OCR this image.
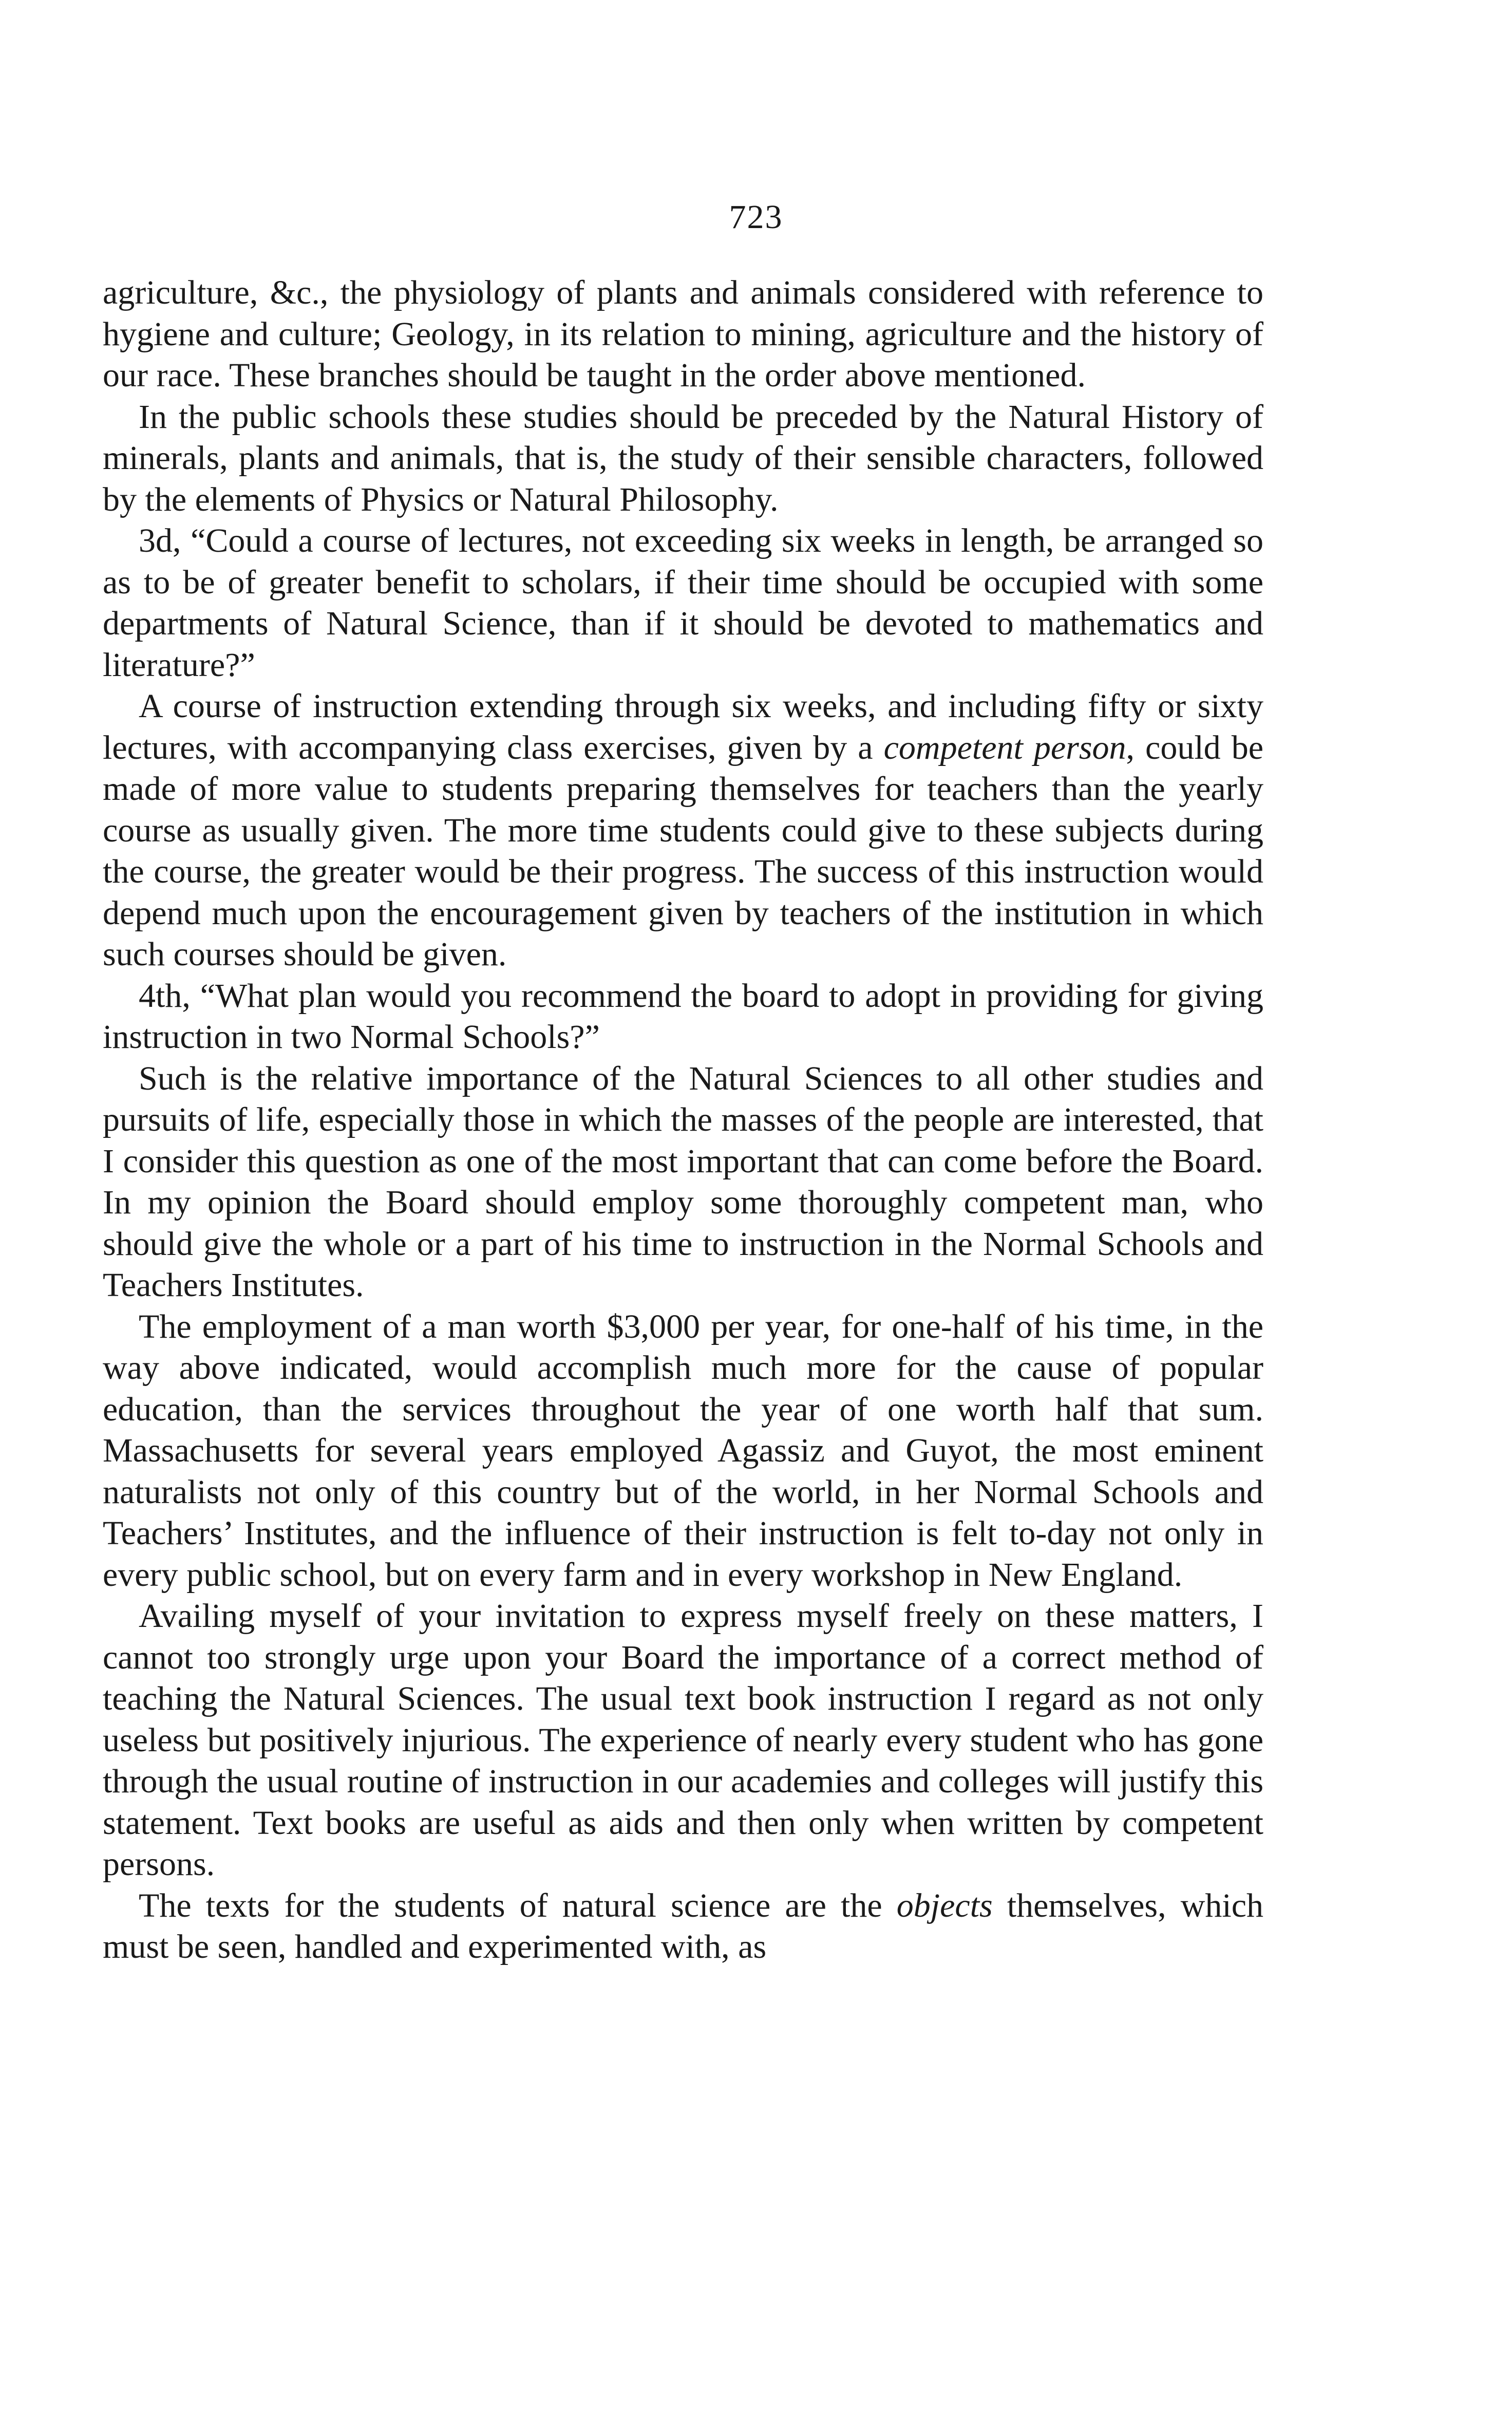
723

agriculture, &c., the physiology of plants and animals considered with reference to hygiene and culture; Geology, in its relation to mining, agriculture and the history of our race. These branches should be taught in the order above mentioned.

In the public schools these studies should be preceded by the Natural History of minerals, plants and animals, that is, the study of their sensible characters, followed by the elements of Physics or Natural Philosophy.

3d, “Could a course of lectures, not exceeding six weeks in length, be arranged so as to be of greater benefit to scholars, if their time should be occupied with some departments of Natural Science, than if it should be devoted to mathematics and literature?”

A course of instruction extending through six weeks, and including fifty or sixty lectures, with accompanying class exercises, given by a competent person, could be made of more value to students preparing themselves for teachers than the yearly course as usually given. The more time students could give to these subjects during the course, the greater would be their progress. The success of this instruction would depend much upon the encouragement given by teachers of the institution in which such courses should be given.

4th, “What plan would you recommend the board to adopt in providing for giving instruction in two Normal Schools?”

Such is the relative importance of the Natural Sciences to all other studies and pursuits of life, especially those in which the masses of the people are interested, that I consider this question as one of the most important that can come before the Board. In my opinion the Board should employ some thoroughly competent man, who should give the whole or a part of his time to instruction in the Normal Schools and Teachers Institutes.

The employment of a man worth $3,000 per year, for one-half of his time, in the way above indicated, would accomplish much more for the cause of popular education, than the services throughout the year of one worth half that sum. Massachusetts for several years employed Agassiz and Guyot, the most eminent naturalists not only of this country but of the world, in her Normal Schools and Teachers’ Institutes, and the influence of their instruction is felt to-day not only in every public school, but on every farm and in every workshop in New England.

Availing myself of your invitation to express myself freely on these matters, I cannot too strongly urge upon your Board the importance of a correct method of teaching the Natural Sciences. The usual text book instruction I regard as not only useless but positively injurious. The experience of nearly every student who has gone through the usual routine of instruction in our academies and colleges will justify this statement. Text books are useful as aids and then only when written by competent persons.

The texts for the students of natural science are the objects themselves, which must be seen, handled and experimented with, as
